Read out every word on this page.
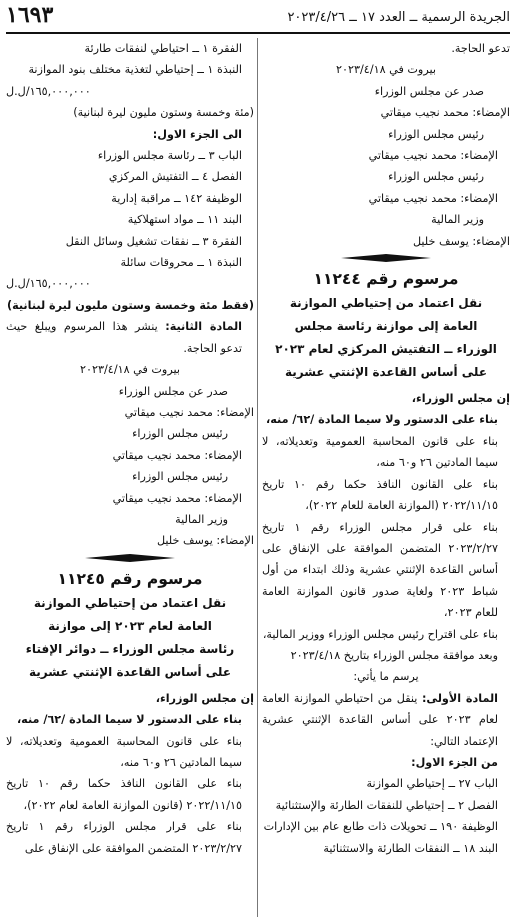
١٦٩٣	الجريدة الرسمية ــ العدد ١٧ ــ ٢٠٢٣/٤/٢٦

تدعو الحاجة.

بيروت في ٢٠٢٣/٤/١٨

صدر عن مجلس الوزراء

الإمضاء: محمد نجيب ميقاتي

رئيس مجلس الوزراء

الإمضاء: محمد نجيب ميقاتي

رئيس مجلس الوزراء

الإمضاء: محمد نجيب ميقاتي

وزير المالية

الإمضاء: يوسف خليل

مرسوم رقم ١١٢٤٤

نقل اعتماد من إحتياطي الموازنة

العامة إلى موازنة رئاسة مجلس

الوزراء ــ التفتيش المركزي لعام ٢٠٢٣

على أساس القاعدة الإثنتي عشرية

إن مجلس الوزراء،

بناء على الدستور ولا سيما المادة /٦٢/ منه،

بناء على قانون المحاسبة العمومية وتعديلاته، لا سيما المادتين ٢٦ و٦٠ منه،

بناء على القانون النافذ حكما رقم ١٠ تاريخ ٢٠٢٢/١١/١٥ (الموازنة العامة للعام ٢٠٢٢)،

بناء على قرار مجلس الوزراء رقم ١ تاريخ ٢٠٢٣/٢/٢٧ المتضمن الموافقة على الإنفاق على أساس القاعدة الإثنتي عشرية وذلك ابتداء من أول شباط ٢٠٢٣ ولغاية صدور قانون الموازنة العامة للعام ٢٠٢٣،

بناء على اقتراح رئيس مجلس الوزراء ووزير المالية،

وبعد موافقة مجلس الوزراء بتاريخ ٢٠٢٣/٤/١٨

يرسم ما يأتي:

المادة الأولى: ينقل من احتياطي الموازنة العامة لعام ٢٠٢٣ على أساس القاعدة الإثنتي عشرية الإعتماد التالي:

من الجزء الاول:

الباب ٢٧ ــ إحتياطي الموازنة

الفصل ٢ ــ إحتياطي للنفقات الطارئة والإستثنائية

الوظيفة ١٩٠ ــ تحويلات ذات طابع عام بين الإدارات

البند ١٨ ــ النفقات الطارئة والاستثنائية

الفقرة ١ ــ احتياطي لنفقات طارئة

النبذة ١ ــ إحتياطي لتغذية مختلف بنود الموازنة

١٦٥,٠٠٠,٠٠٠/ل.ل

(مئة وخمسة وستون مليون ليرة لبنانية)

الى الجزء الاول:

الباب ٣ ــ رئاسة مجلس الوزراء

الفصل ٤ ــ التفتيش المركزي

الوظيفة ١٤٢ ــ مراقبة إدارية

البند ١١ ــ مواد استهلاكية

الفقرة ٣ ــ نفقات تشغيل وسائل النقل

النبذة ١ ــ محروقات سائلة

١٦٥,٠٠٠,٠٠٠/ل.ل

(فقط مئة وخمسة وستون مليون ليرة لبنانية)

المادة الثانية: ينشر هذا المرسوم ويبلغ حيث تدعو الحاجة.

بيروت في ٢٠٢٣/٤/١٨

صدر عن مجلس الوزراء

الإمضاء: محمد نجيب ميقاتي

رئيس مجلس الوزراء

الإمضاء: محمد نجيب ميقاتي

رئيس مجلس الوزراء

الإمضاء: محمد نجيب ميقاتي

وزير المالية

الإمضاء: يوسف خليل

مرسوم رقم ١١٢٤٥

نقل اعتماد من إحتياطي الموازنة

العامة لعام ٢٠٢٣ إلى موازنة

رئاسة مجلس الوزراء ــ دوائر الإفتاء

على أساس القاعدة الإثنتي عشرية

إن مجلس الوزراء،

بناء على الدستور لا سيما المادة /٦٢/ منه،

بناء على قانون المحاسبة العمومية وتعديلاته، لا سيما المادتين ٢٦ و٦٠ منه،

بناء على القانون النافذ حكما رقم ١٠ تاريخ ٢٠٢٢/١١/١٥ (قانون الموازنة العامة لعام ٢٠٢٢)،

بناء على قرار مجلس الوزراء رقم ١ تاريخ ٢٠٢٣/٢/٢٧ المتضمن الموافقة على الإنفاق على
